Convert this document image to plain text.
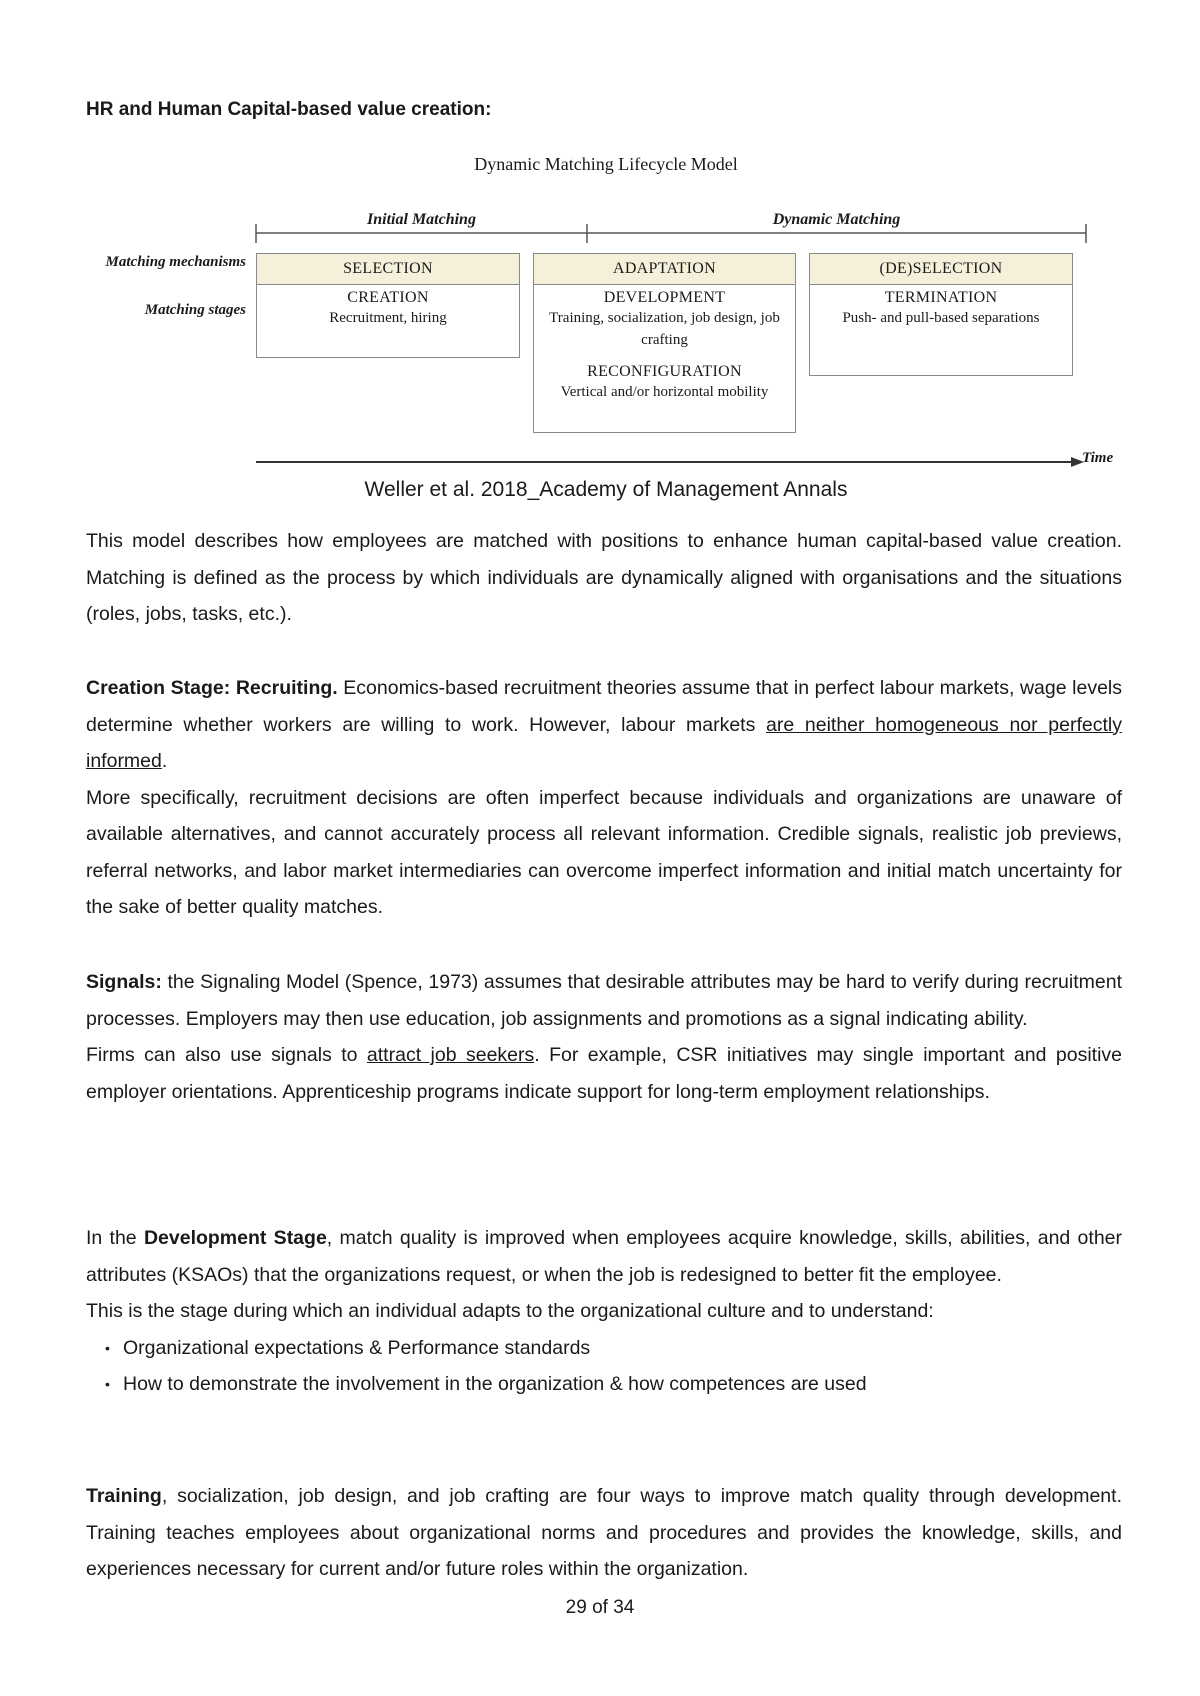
HR and Human Capital-based value creation:
Dynamic Matching Lifecycle Model
Initial Matching	Dynamic Matching
Matching mechanisms
Matching stages
SELECTION
CREATION
Recruitment, hiring
ADAPTATION
DEVELOPMENT
Training, socialization, job design, job crafting
RECONFIGURATION
Vertical and/or horizontal mobility
(DE)SELECTION
TERMINATION
Push- and pull-based separations
Time
Weller et al. 2018_Academy of Management Annals

This model describes how employees are matched with positions to enhance human capital-based value creation. Matching is defined as the process by which individuals are dynamically aligned with organisations and the situations (roles, jobs, tasks, etc.).

Creation Stage: Recruiting. Economics-based recruitment theories assume that in perfect labour markets, wage levels determine whether workers are willing to work. However, labour markets are neither homogeneous nor perfectly informed.

More specifically, recruitment decisions are often imperfect because individuals and organizations are unaware of available alternatives, and cannot accurately process all relevant information. Credible signals, realistic job previews, referral networks, and labor market intermediaries can overcome imperfect information and initial match uncertainty for the sake of better quality matches.

Signals: the Signaling Model (Spence, 1973) assumes that desirable attributes may be hard to verify during recruitment processes. Employers may then use education, job assignments and promotions as a signal indicating ability.

Firms can also use signals to attract job seekers. For example, CSR initiatives may single important and positive employer orientations. Apprenticeship programs indicate support for long-term employment relationships.

In the Development Stage, match quality is improved when employees acquire knowledge, skills, abilities, and other attributes (KSAOs) that the organizations request, or when the job is redesigned to better fit the employee.

This is the stage during which an individual adapts to the organizational culture and to understand:

• Organizational expectations & Performance standards
• How to demonstrate the involvement in the organization & how competences are used

Training, socialization, job design, and job crafting are four ways to improve match quality through development. Training teaches employees about organizational norms and procedures and provides the knowledge, skills, and experiences necessary for current and/or future roles within the organization.

29 of 34
